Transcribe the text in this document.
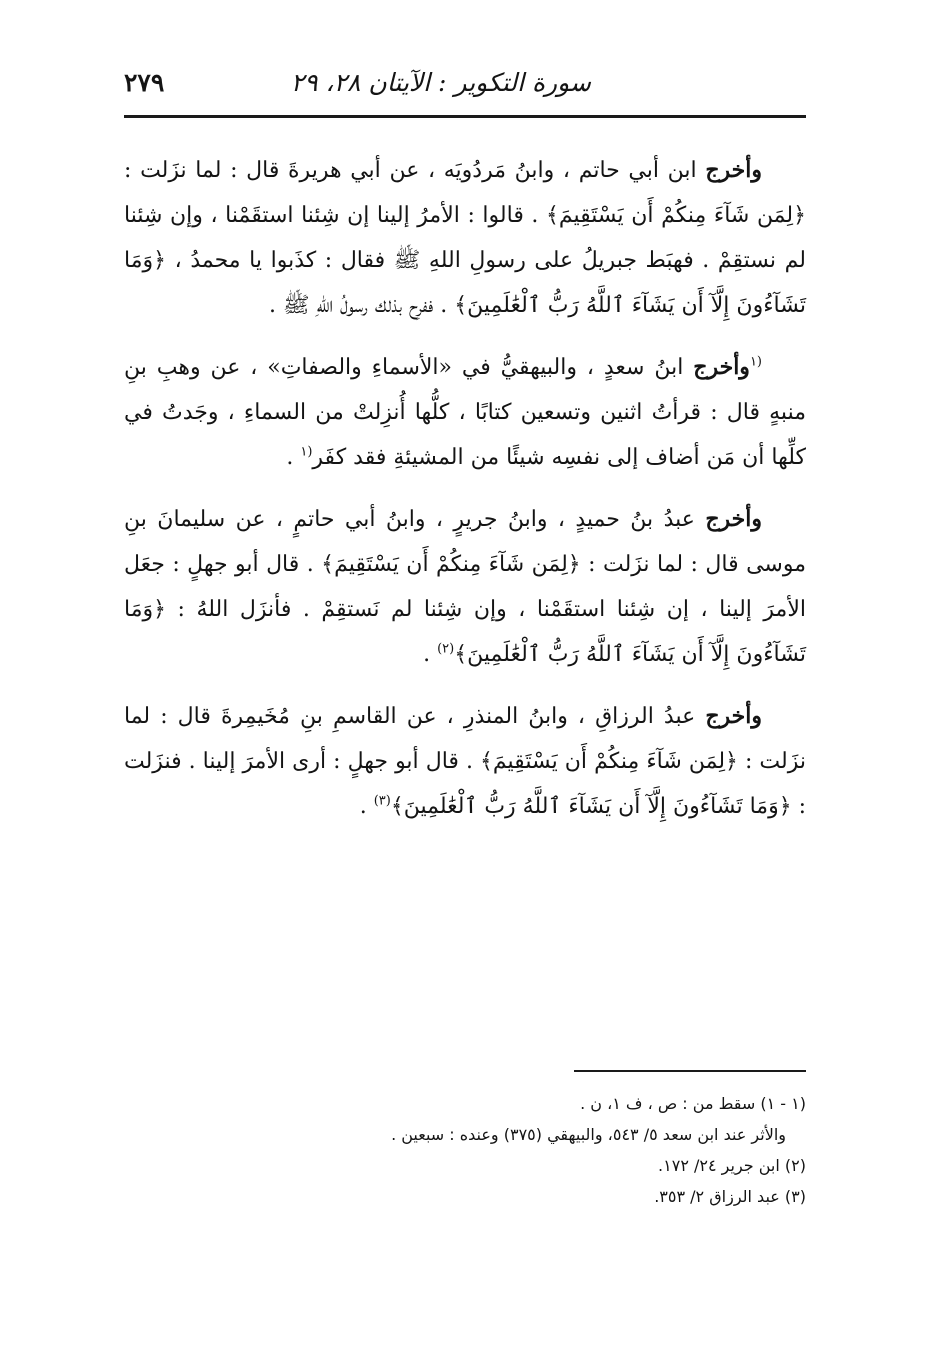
سورة التكوير : الآيتان ٢٨، ٢٩
٢٧٩

وأخرج ابن أبي حاتم ، وابنُ مَردُويَه ، عن أبي هريرةَ قال : لما نزَلت : ﴿لِمَن شَآءَ مِنكُمْ أَن يَسْتَقِيمَ﴾ . قالوا : الأمرُ إلينا إن شِئنا استقَمْنا ، وإن شِئنا لم نستقِمْ . فهبَط جبريلُ على رسولِ اللهِ ﷺ فقال : كذَبوا يا محمدُ ، ﴿وَمَا تَشَآءُونَ إِلَّآ أَن يَشَآءَ ٱللَّهُ رَبُّ ٱلْعَٰلَمِينَ﴾ . ففرِح بذلك رسولُ اللهِ ﷺ .

$^{(١}$وأخرج ابنُ سعدٍ ، والبيهقيُّ في «الأسماءِ والصفاتِ» ، عن وهبِ بنِ منبهٍ قال : قرأتُ اثنين وتسعين كتابًا ، كلُّها أُنزِلتْ من السماءِ ، وجَدتُ في كلِّها أن مَن أضاف إلى نفسِه شيئًا من المشيئةِ فقد كفَر$^{(١}$ .

وأخرج عبدُ بنُ حميدٍ ، وابنُ جريرٍ ، وابنُ أبي حاتمٍ ، عن سليمانَ بنِ موسى قال : لما نزَلت : ﴿لِمَن شَآءَ مِنكُمْ أَن يَسْتَقِيمَ﴾ . قال أبو جهلٍ : جعَل الأمرَ إلينا ، إن شِئنا استقَمْنا ، وإن شِئنا لم نَستقِمْ . فأنزَل اللهُ : ﴿وَمَا تَشَآءُونَ إِلَّآ أَن يَشَآءَ ٱللَّهُ رَبُّ ٱلْعَٰلَمِينَ﴾$^{(٢)}$ .

وأخرج عبدُ الرزاقِ ، وابنُ المنذرِ ، عن القاسمِ بنِ مُخَيمِرةَ قال : لما نزَلت : ﴿لِمَن شَآءَ مِنكُمْ أَن يَسْتَقِيمَ﴾ . قال أبو جهلٍ : أرى الأمرَ إلينا . فنزَلت : ﴿وَمَا تَشَآءُونَ إِلَّآ أَن يَشَآءَ ٱللَّهُ رَبُّ ٱلْعَٰلَمِينَ﴾$^{(٣)}$ .

(١ - ١) سقط من : ص ، ف ١، ن .

والأثر عند ابن سعد ٥/ ٥٤٣، والبيهقي (٣٧٥) وعنده : سبعين .

(٢) ابن جرير ٢٤/ ١٧٢.

(٣) عبد الرزاق ٢/ ٣٥٣.
